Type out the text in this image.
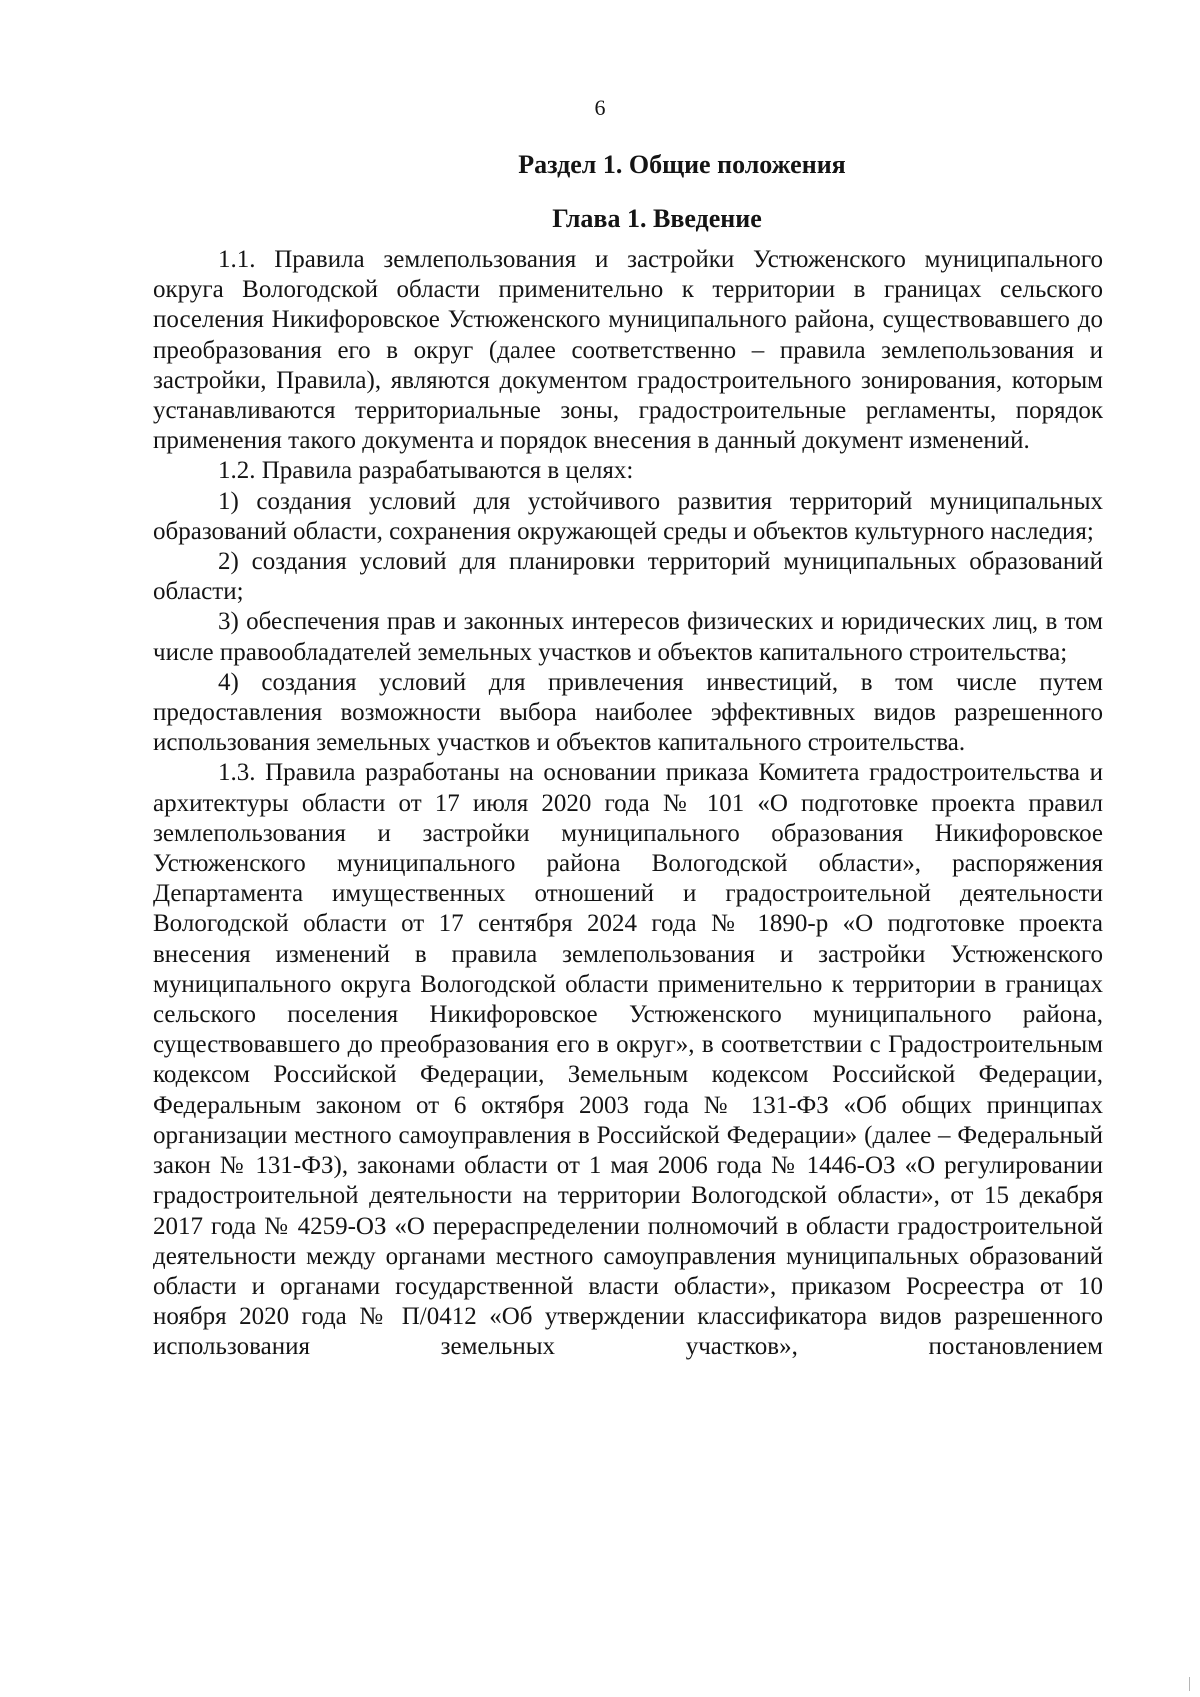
6
Раздел 1. Общие положения
Глава 1. Введение

1.1. Правила землепользования и застройки Устюженского муниципального округа Вологодской области применительно к территории в границах сельского поселения Никифоровское Устюженского муниципального района, существовавшего до преобразования его в округ (далее соответственно – правила землепользования и застройки, Правила), являются документом градостроительного зонирования, которым устанавливаются территориальные зоны, градостроительные регламенты, порядок применения такого документа и порядок внесения в данный документ изменений.

1.2. Правила разрабатываются в целях:

1) создания условий для устойчивого развития территорий муниципальных образований области, сохранения окружающей среды и объектов культурного наследия;

2) создания условий для планировки территорий муниципальных образований области;

3) обеспечения прав и законных интересов физических и юридических лиц, в том числе правообладателей земельных участков и объектов капитального строительства;

4) создания условий для привлечения инвестиций, в том числе путем предоставления возможности выбора наиболее эффективных видов разрешенного использования земельных участков и объектов капитального строительства.

1.3. Правила разработаны на основании приказа Комитета градостроительства и архитектуры области от 17 июля 2020 года № 101 «О подготовке проекта правил землепользования и застройки муниципального образования Никифоровское Устюженского муниципального района Вологодской области», распоряжения Департамента имущественных отношений и градостроительной деятельности Вологодской области от 17 сентября 2024 года № 1890-р «О подготовке проекта внесения изменений в правила землепользования и застройки Устюженского муниципального округа Вологодской области применительно к территории в границах сельского поселения Никифоровское Устюженского муниципального района, существовавшего до преобразования его в округ», в соответствии с Градостроительным кодексом Российской Федерации, Земельным кодексом Российской Федерации, Федеральным законом от 6 октября 2003 года № 131-ФЗ «Об общих принципах организации местного самоуправления в Российской Федерации» (далее – Федеральный закон № 131-ФЗ), законами области от 1 мая 2006 года № 1446-ОЗ «О регулировании градостроительной деятельности на территории Вологодской области», от 15 декабря 2017 года № 4259-ОЗ «О перераспределении полномочий в области градостроительной деятельности между органами местного самоуправления муниципальных образований области и органами государственной власти области», приказом Росреестра от 10 ноября 2020 года № П/0412 «Об утверждении классификатора видов разрешенного использования земельных участков», постановлением
